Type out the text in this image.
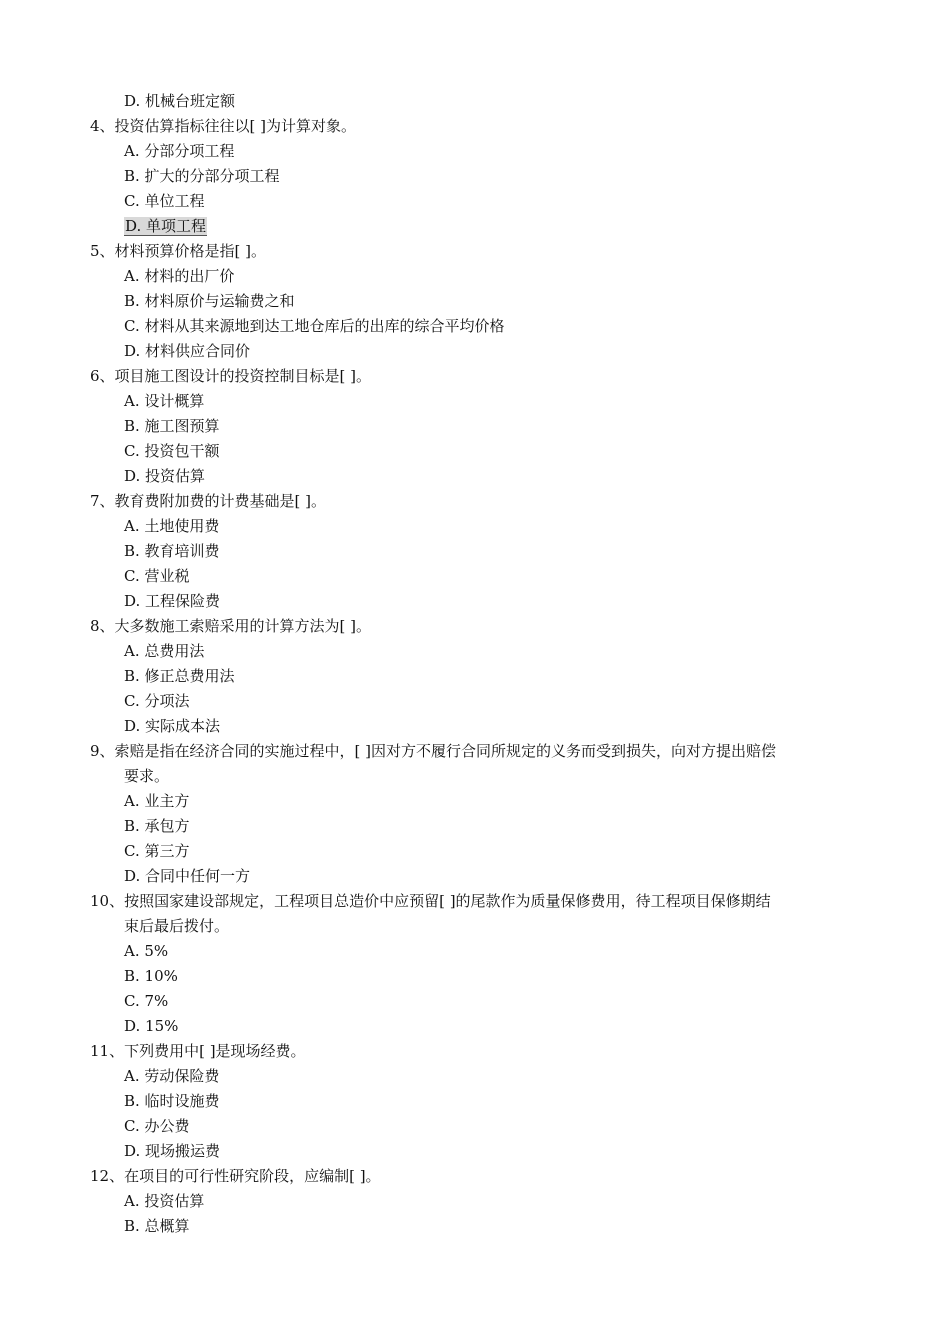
D. 机械台班定额
4、投资估算指标往往以[ ]为计算对象。
A. 分部分项工程
B. 扩大的分部分项工程
C. 单位工程
D. 单项工程
5、材料预算价格是指[ ]。
A. 材料的出厂价
B. 材料原价与运输费之和
C. 材料从其来源地到达工地仓库后的出库的综合平均价格
D. 材料供应合同价
6、项目施工图设计的投资控制目标是[ ]。
A. 设计概算
B. 施工图预算
C. 投资包干额
D. 投资估算
7、教育费附加费的计费基础是[ ]。
A. 土地使用费
B. 教育培训费
C. 营业税
D. 工程保险费
8、大多数施工索赔采用的计算方法为[ ]。
A. 总费用法
B. 修正总费用法
C. 分项法
D. 实际成本法
9、索赔是指在经济合同的实施过程中，[ ]因对方不履行合同所规定的义务而受到损失，向对方提出赔偿
要求。
A. 业主方
B. 承包方
C. 第三方
D. 合同中任何一方
10、按照国家建设部规定，工程项目总造价中应预留[ ]的尾款作为质量保修费用，待工程项目保修期结
束后最后拨付。
A. 5%
B. 10%
C. 7%
D. 15%
11、下列费用中[ ]是现场经费。
A. 劳动保险费
B. 临时设施费
C. 办公费
D. 现场搬运费
12、在项目的可行性研究阶段，应编制[ ]。
A. 投资估算
B. 总概算
